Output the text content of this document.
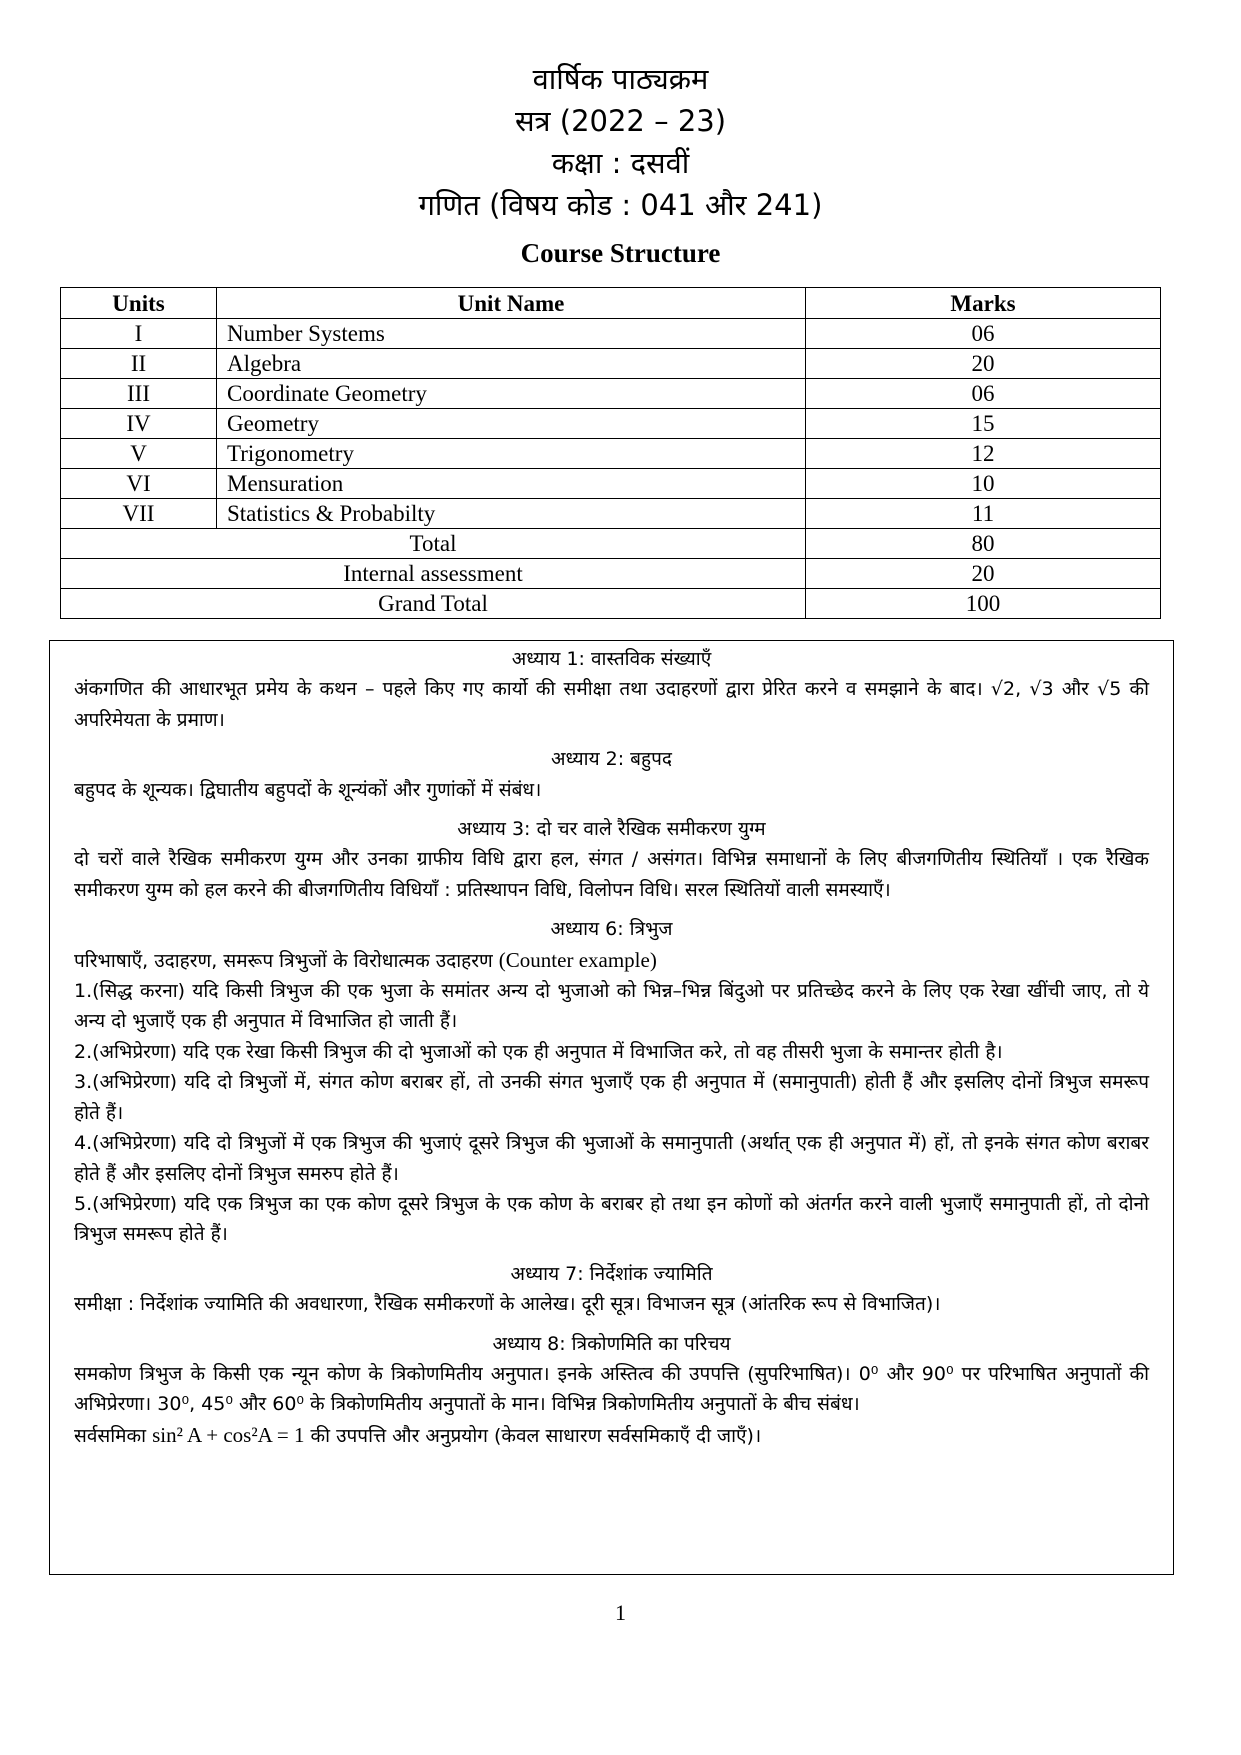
वार्षिक पाठ्यक्रम
सत्र (2022 – 23)
कक्षा : दसवीं
गणित (विषय कोड : 041 और 241)
Course Structure
Units	Unit Name	Marks
I	Number Systems	06
II	Algebra	20
III	Coordinate Geometry	06
IV	Geometry	15
V	Trigonometry	12
VI	Mensuration	10
VII	Statistics & Probabilty	11
Total		80
Internal assessment		20
Grand Total		100
अध्याय 1: वास्तविक संख्याएँ

अंकगणित की आधारभूत प्रमेय के कथन – पहले किए गए कार्यो की समीक्षा तथा उदाहरणों द्वारा प्रेरित करने व समझाने के बाद। √2, √3 और √5 की अपरिमेयता के प्रमाण।

अध्याय 2: बहुपद

बहुपद के शून्यक। द्विघातीय बहुपदों के शून्यंकों और गुणांकों में संबंध।

अध्याय 3: दो चर वाले रैखिक समीकरण युग्म

दो चरों वाले रैखिक समीकरण युग्म और उनका ग्राफीय विधि द्वारा हल, संगत / असंगत। विभिन्न समाधानों के लिए बीजगणितीय स्थितियाँ । एक रैखिक समीकरण युग्म को हल करने की बीजगणितीय विधियाँ : प्रतिस्थापन विधि, विलोपन विधि। सरल स्थितियों वाली समस्याएँ।

अध्याय 6: त्रिभुज

परिभाषाएँ, उदाहरण, समरूप त्रिभुजों के विरोधात्मक उदाहरण (Counter example)

1.(सिद्ध करना) यदि किसी त्रिभुज की एक भुजा के समांतर अन्य दो भुजाओ को भिन्न–भिन्न बिंदुओ पर प्रतिच्छेद करने के लिए एक रेखा खींची जाए, तो ये अन्य दो भुजाएँ एक ही अनुपात में विभाजित हो जाती हैं।

2.(अभिप्रेरणा) यदि एक रेखा किसी त्रिभुज की दो भुजाओं को एक ही अनुपात में विभाजित करे, तो वह तीसरी भुजा के समान्तर होती है।

3.(अभिप्रेरणा) यदि दो त्रिभुजों में, संगत कोण बराबर हों, तो उनकी संगत भुजाएँ एक ही अनुपात में (समानुपाती) होती हैं और इसलिए दोनों त्रिभुज समरूप होते हैं।

4.(अभिप्रेरणा) यदि दो त्रिभुजों में एक त्रिभुज की भुजाएं दूसरे त्रिभुज की भुजाओं के समानुपाती (अर्थात् एक ही अनुपात में) हों, तो इनके संगत कोण बराबर होते हैं और इसलिए दोनों त्रिभुज समरुप होते हैं।

5.(अभिप्रेरणा) यदि एक त्रिभुज का एक कोण दूसरे त्रिभुज के एक कोण के बराबर हो तथा इन कोणों को अंतर्गत करने वाली भुजाएँ समानुपाती हों, तो दोनो त्रिभुज समरूप होते हैं।

अध्याय 7: निर्देशांक ज्यामिति

समीक्षा : निर्देशांक ज्यामिति की अवधारणा, रैखिक समीकरणों के आलेख। दूरी सूत्र। विभाजन सूत्र (आंतरिक रूप से विभाजित)।

अध्याय 8: त्रिकोणमिति का परिचय

समकोण त्रिभुज के किसी एक न्यून कोण के त्रिकोणमितीय अनुपात। इनके अस्तित्व की उपपत्ति (सुपरिभाषित)। 0⁰ और 90⁰ पर परिभाषित अनुपातों की अभिप्रेरणा। 30⁰, 45⁰ और 60⁰ के त्रिकोणमितीय अनुपातों के मान। विभिन्न त्रिकोणमितीय अनुपातों के बीच संबंध।

सर्वसमिका sin² A + cos²A = 1 की उपपत्ति और अनुप्रयोग (केवल साधारण सर्वसमिकाएँ दी जाएँ)।

1
